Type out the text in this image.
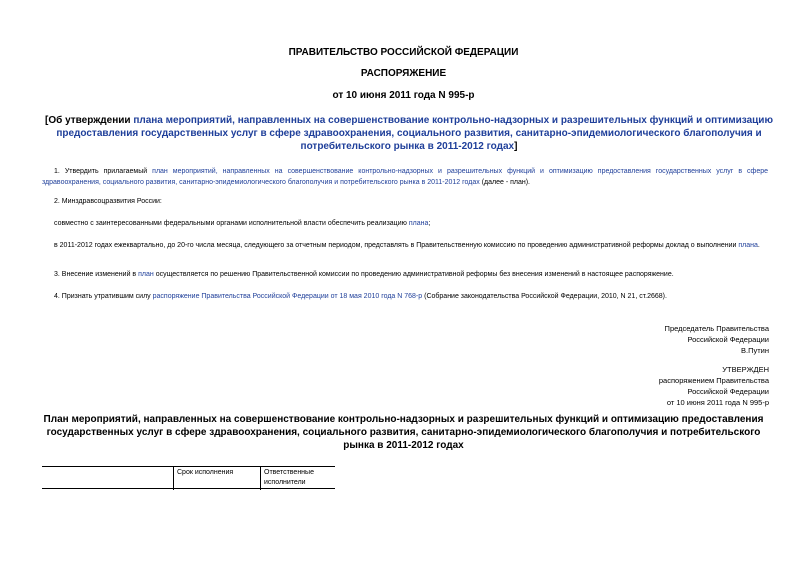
ПРАВИТЕЛЬСТВО РОССИЙСКОЙ ФЕДЕРАЦИИ
РАСПОРЯЖЕНИЕ
от 10 июня 2011 года N 995-р
[Об утверждении плана мероприятий, направленных на совершенствование контрольно-надзорных и разрешительных функций и оптимизацию предоставления государственных услуг в сфере здравоохранения, социального развития, санитарно-эпидемиологического благополучия и потребительского рынка в 2011-2012 годах]
1. Утвердить прилагаемый план мероприятий, направленных на совершенствование контрольно-надзорных и разрешительных функций и оптимизацию предоставления государственных услуг в сфере здравоохранения, социального развития, санитарно-эпидемиологического благополучия и потребительского рынка в 2011-2012 годах (далее - план).
2. Минздравсоцразвития России:
совместно с заинтересованными федеральными органами исполнительной власти обеспечить реализацию плана;
в 2011-2012 годах ежеквартально, до 20-го числа месяца, следующего за отчетным периодом, представлять в Правительственную комиссию по проведению административной реформы доклад о выполнении плана.
3. Внесение изменений в план осуществляется по решению Правительственной комиссии по проведению административной реформы без внесения изменений в настоящее распоряжение.
4. Признать утратившим силу распоряжение Правительства Российской Федерации от 18 мая 2010 года N 768-р (Собрание законодательства Российской Федерации, 2010, N 21, ст.2668).
Председатель Правительства
Российской Федерации
В.Путин
УТВЕРЖДЕН
распоряжением Правительства
Российской Федерации
от 10 июня 2011 года N 995-р
План мероприятий, направленных на совершенствование контрольно-надзорных и разрешительных функций и оптимизацию предоставления государственных услуг в сфере здравоохранения, социального развития, санитарно-эпидемиологического благополучия и потребительского рынка в 2011-2012 годах
	Срок исполнения	Ответственные исполнители
